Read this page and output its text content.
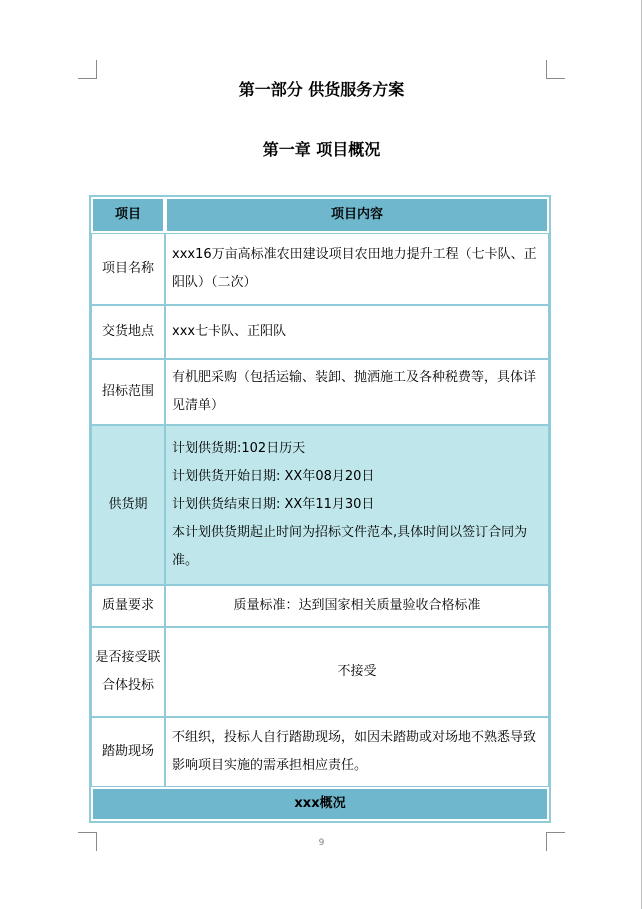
第一部分 供货服务方案
第一章 项目概况
项目	项目内容
项目名称	xxx16万亩高标准农田建设项目农田地力提升工程（七卡队、正阳队）（二次）

交货地点	xxx七卡队、正阳队

招标范围	有机肥采购（包括运输、装卸、抛洒施工及各种税费等，具体详见清单）

供货期	计划供货期:102日历天
计划供货开始日期: XX年08月20日
计划供货结束日期: XX年11月30日
本计划供货期起止时间为招标文件范本,具体时间以签订合同为准。

质量要求	质量标准：达到国家相关质量验收合格标准

是否接受联合体投标	不接受

踏勘现场	不组织，投标人自行踏勘现场，如因未踏勘或对场地不熟悉导致影响项目实施的需承担相应责任。

xxx概况	
9
